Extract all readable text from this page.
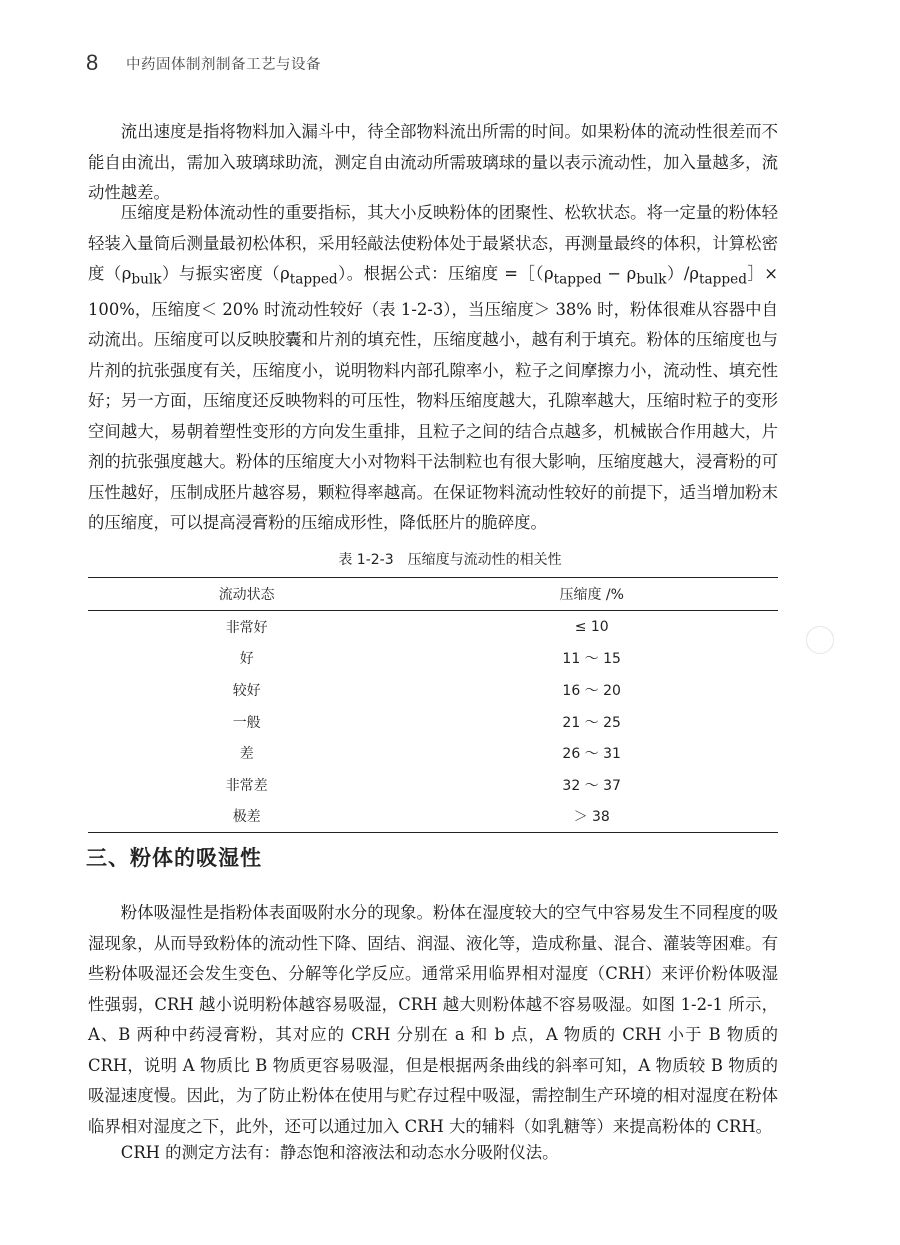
8	中药固体制剂制备工艺与设备

流出速度是指将物料加入漏斗中，待全部物料流出所需的时间。如果粉体的流动性很差而不能自由流出，需加入玻璃球助流，测定自由流动所需玻璃球的量以表示流动性，加入量越多，流动性越差。

压缩度是粉体流动性的重要指标，其大小反映粉体的团聚性、松软状态。将一定量的粉体轻轻装入量筒后测量最初松体积，采用轻敲法使粉体处于最紧状态，再测量最终的体积，计算松密度$(\rho_{bulk})$与振实密度$(\rho_{tapped})$。根据公式：压缩度 $=[(\rho_{tapped}$ − $\rho_{bulk})/\rho_{tapped}]\times 100\%$，压缩度＜ 20% 时流动性较好（表 1-2-3），当压缩度＞ 38% 时，粉体很难从容器中自动流出。压缩度可以反映胶囊和片剂的填充性，压缩度越小，越有利于填充。粉体的压缩度也与片剂的抗张强度有关，压缩度小，说明物料内部孔隙率小，粒子之间摩擦力小，流动性、填充性好；另一方面，压缩度还反映物料的可压性，物料压缩度越大，孔隙率越大，压缩时粒子的变形空间越大，易朝着塑性变形的方向发生重排，且粒子之间的结合点越多，机械嵌合作用越大，片剂的抗张强度越大。粉体的压缩度大小对物料干法制粒也有很大影响，压缩度越大，浸膏粉的可压性越好，压制成胚片越容易，颗粒得率越高。在保证物料流动性较好的前提下，适当增加粉末的压缩度，可以提高浸膏粉的压缩成形性，降低胚片的脆碎度。

表 1-2-3　压缩度与流动性的相关性
流动状态	压缩度 /%
非常好	≤ 10
好	11 ～ 15
较好	16 ～ 20
一般	21 ～ 25
差	26 ～ 31
非常差	32 ～ 37
极差	＞ 38
三、粉体的吸湿性

粉体吸湿性是指粉体表面吸附水分的现象。粉体在湿度较大的空气中容易发生不同程度的吸湿现象，从而导致粉体的流动性下降、固结、润湿、液化等，造成称量、混合、灌装等困难。有些粉体吸湿还会发生变色、分解等化学反应。通常采用临界相对湿度（CRH）来评价粉体吸湿性强弱，CRH 越小说明粉体越容易吸湿，CRH 越大则粉体越不容易吸湿。如图 1-2-1 所示，A、B 两种中药浸膏粉，其对应的 CRH 分别在 a 和 b 点，A 物质的 CRH 小于 B 物质的 CRH，说明 A 物质比 B 物质更容易吸湿，但是根据两条曲线的斜率可知，A 物质较 B 物质的吸湿速度慢。因此，为了防止粉体在使用与贮存过程中吸湿，需控制生产环境的相对湿度在粉体临界相对湿度之下，此外，还可以通过加入 CRH 大的辅料（如乳糖等）来提高粉体的 CRH。

CRH 的测定方法有：静态饱和溶液法和动态水分吸附仪法。
